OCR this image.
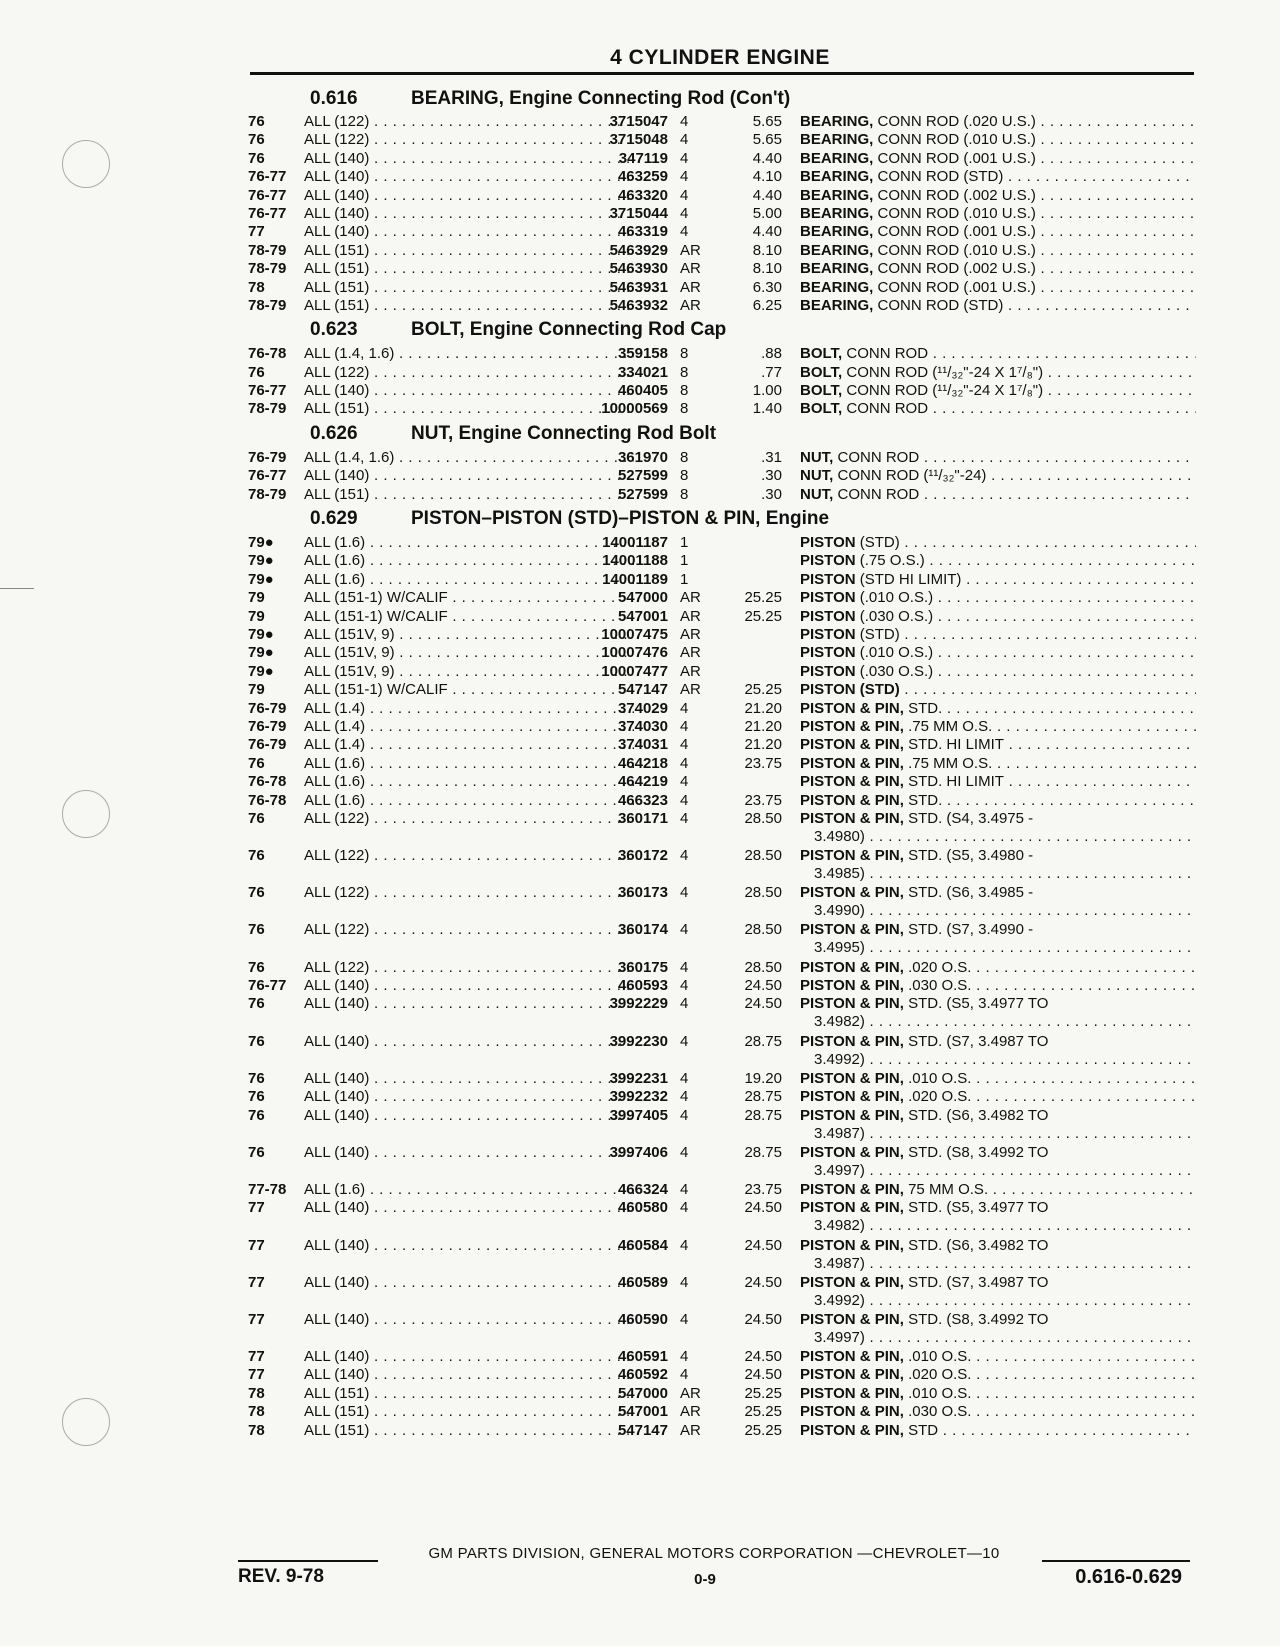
4 CYLINDER ENGINE
0.616	BEARING, Engine Connecting Rod (Con't)
76	ALL (122) . . .	3715047 4	5.65 BEARING, CONN ROD (.020 U.S.) . . .
76	ALL (122) . . .	3715048 4	5.65 BEARING, CONN ROD (.010 U.S.) . . .
76	ALL (140) . . .	347119 4	4.40 BEARING, CONN ROD (.001 U.S.) . . .
76-77 ALL (140) . . .	463259 4	4.10 BEARING, CONN ROD (STD) . . .
76-77 ALL (140) . . .	463320 4	4.40 BEARING, CONN ROD (.002 U.S.) . . .
76-77 ALL (140) . . .	3715044 4	5.00 BEARING, CONN ROD (.010 U.S.) . . .
77	ALL (140) . . .	463319 4	4.40 BEARING, CONN ROD (.001 U.S.) . . .
78-79 ALL (151) . . .	5463929 AR	8.10 BEARING, CONN ROD (.010 U.S.) . . .
78-79 ALL (151) . . .	5463930 AR	8.10 BEARING, CONN ROD (.002 U.S.) . . .
78	ALL (151) . . .	5463931 AR	6.30 BEARING, CONN ROD (.001 U.S.) . . .
78-79 ALL (151) . . .	5463932 AR	6.25 BEARING, CONN ROD (STD) . . .
0.623	BOLT, Engine Connecting Rod Cap
76-78 ALL (1.4, 1.6) . . .	359158 8	.88 BOLT, CONN ROD . . .
76	ALL (122) . . .	334021 8	.77 BOLT, CONN ROD (¹¹/₃₂"-24 X 1⁷/₈") . . .
76-77 ALL (140) . . .	460405 8	1.00 BOLT, CONN ROD (¹¹/₃₂"-24 X 1⁷/₈") . . .
78-79 ALL (151) . . .	10000569 8	1.40 BOLT, CONN ROD . . .
0.626	NUT, Engine Connecting Rod Bolt
76-79 ALL (1.4, 1.6) . . .	361970 8	.31 NUT, CONN ROD . . .
76-77 ALL (140) . . .	527599 8	.30 NUT, CONN ROD (¹¹/₃₂"-24) . . .
78-79 ALL (151) . . .	527599 8	.30 NUT, CONN ROD . . .
0.629	PISTON–PISTON (STD)–PISTON & PIN, Engine
79● ALL (1.6) . . .	14001187 1	PISTON (STD) . . .
79● ALL (1.6) . . .	14001188 1	PISTON (.75 O.S.) . . .
79● ALL (1.6) . . .	14001189 1	PISTON (STD HI LIMIT) . . .
79	ALL (151-1) W/CALIF . . .	547000 AR	25.25 PISTON (.010 O.S.) . . .
79	ALL (151-1) W/CALIF . . .	547001 AR	25.25 PISTON (.030 O.S.) . . .
79● ALL (151V, 9) . . .	10007475 AR	PISTON (STD) . . .
79● ALL (151V, 9) . . .	10007476 AR	PISTON (.010 O.S.) . . .
79● ALL (151V, 9) . . .	10007477 AR	PISTON (.030 O.S.) . . .
79	ALL (151-1) W/CALIF . . .	547147 AR	25.25 PISTON (STD) . . .
76-79 ALL (1.4) . . .	374029 4	21.20 PISTON & PIN, STD. . . .
76-79 ALL (1.4) . . .	374030 4	21.20 PISTON & PIN, .75 MM O.S. . . .
76-79 ALL (1.4) . . .	374031 4	21.20 PISTON & PIN, STD. HI LIMIT . . .
76	ALL (1.6) . . .	464218 4	23.75 PISTON & PIN, .75 MM O.S. . . .
76-78 ALL (1.6) . . .	464219 4	PISTON & PIN, STD. HI LIMIT . . .
76-78 ALL (1.6) . . .	466323 4	23.75 PISTON & PIN, STD. . . .
76	ALL (122) . . .	360171 4	28.50 PISTON & PIN, STD. (S4, 3.4975 -
3.4980) . . .
76	ALL (122) . . .	360172 4	28.50 PISTON & PIN, STD. (S5, 3.4980 -
3.4985) . . .
76	ALL (122) . . .	360173 4	28.50 PISTON & PIN, STD. (S6, 3.4985 -
3.4990) . . .
76	ALL (122) . . .	360174 4	28.50 PISTON & PIN, STD. (S7, 3.4990 -
3.4995) . . .
76	ALL (122) . . .	360175 4	28.50 PISTON & PIN, .020 O.S. . . .
76-77 ALL (140) . . .	460593 4	24.50 PISTON & PIN, .030 O.S. . . .
76	ALL (140) . . .	3992229 4	24.50 PISTON & PIN, STD. (S5, 3.4977 TO
3.4982) . . .
76	ALL (140) . . .	3992230 4	28.75 PISTON & PIN, STD. (S7, 3.4987 TO
3.4992) . . .
76	ALL (140) . . .	3992231 4	19.20 PISTON & PIN, .010 O.S. . . .
76	ALL (140) . . .	3992232 4	28.75 PISTON & PIN, .020 O.S. . . .
76	ALL (140) . . .	3997405 4	28.75 PISTON & PIN, STD. (S6, 3.4982 TO
3.4987) . . .
76	ALL (140) . . .	3997406 4	28.75 PISTON & PIN, STD. (S8, 3.4992 TO
3.4997) . . .
77-78 ALL (1.6) . . .	466324 4	23.75 PISTON & PIN, 75 MM O.S. . . .
77	ALL (140) . . .	460580 4	24.50 PISTON & PIN, STD. (S5, 3.4977 TO
3.4982) . . .
77	ALL (140) . . .	460584 4	24.50 PISTON & PIN, STD. (S6, 3.4982 TO
3.4987) . . .
77	ALL (140) . . .	460589 4	24.50 PISTON & PIN, STD. (S7, 3.4987 TO
3.4992) . . .
77	ALL (140) . . .	460590 4	24.50 PISTON & PIN, STD. (S8, 3.4992 TO
3.4997) . . .
77	ALL (140) . . .	460591 4	24.50 PISTON & PIN, .010 O.S. . . .
77	ALL (140) . . .	460592 4	24.50 PISTON & PIN, .020 O.S. . . .
78	ALL (151) . . .	547000 AR	25.25 PISTON & PIN, .010 O.S. . . .
78	ALL (151) . . .	547001 AR	25.25 PISTON & PIN, .030 O.S. . . .
78	ALL (151) . . .	547147 AR	25.25 PISTON & PIN, STD . . .
GM PARTS DIVISION, GENERAL MOTORS CORPORATION —CHEVROLET—10
REV. 9-78	0-9	0.616-0.629
